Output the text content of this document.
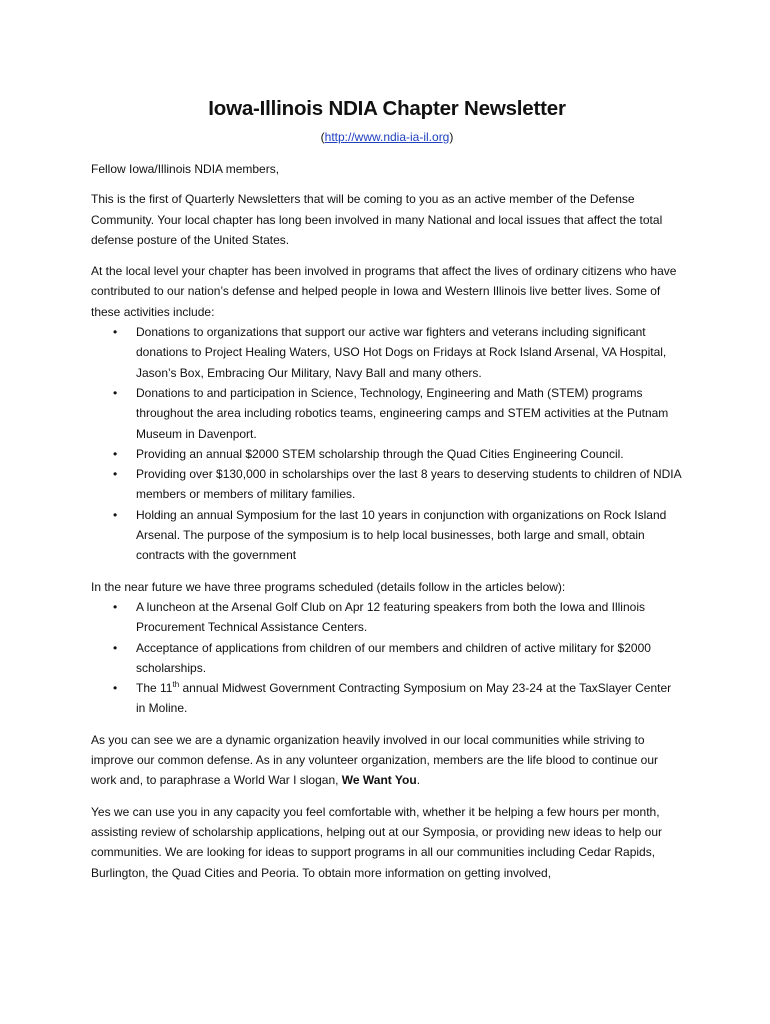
Iowa-Illinois NDIA Chapter Newsletter

(http://www.ndia-ia-il.org)

Fellow Iowa/Illinois NDIA members,

This is the first of Quarterly Newsletters that will be coming to you as an active member of the Defense Community. Your local chapter has long been involved in many National and local issues that affect the total defense posture of the United States.

At the local level your chapter has been involved in programs that affect the lives of ordinary citizens who have contributed to our nation’s defense and helped people in Iowa and Western Illinois live better lives. Some of these activities include:

• Donations to organizations that support our active war fighters and veterans including significant donations to Project Healing Waters, USO Hot Dogs on Fridays at Rock Island Arsenal, VA Hospital, Jason’s Box, Embracing Our Military, Navy Ball and many others.
• Donations to and participation in Science, Technology, Engineering and Math (STEM) programs throughout the area including robotics teams, engineering camps and STEM activities at the Putnam Museum in Davenport.
• Providing an annual $2000 STEM scholarship through the Quad Cities Engineering Council.
• Providing over $130,000 in scholarships over the last 8 years to deserving students to children of NDIA members or members of military families.
• Holding an annual Symposium for the last 10 years in conjunction with organizations on Rock Island Arsenal. The purpose of the symposium is to help local businesses, both large and small, obtain contracts with the government

In the near future we have three programs scheduled (details follow in the articles below):

• A luncheon at the Arsenal Golf Club on Apr 12 featuring speakers from both the Iowa and Illinois Procurement Technical Assistance Centers.
• Acceptance of applications from children of our members and children of active military for $2000 scholarships.
• The 11th annual Midwest Government Contracting Symposium on May 23-24 at the TaxSlayer Center in Moline.

As you can see we are a dynamic organization heavily involved in our local communities while striving to improve our common defense. As in any volunteer organization, members are the life blood to continue our work and, to paraphrase a World War I slogan, We Want You.

Yes we can use you in any capacity you feel comfortable with, whether it be helping a few hours per month, assisting review of scholarship applications, helping out at our Symposia, or providing new ideas to help our communities. We are looking for ideas to support programs in all our communities including Cedar Rapids, Burlington, the Quad Cities and Peoria. To obtain more information on getting involved,
